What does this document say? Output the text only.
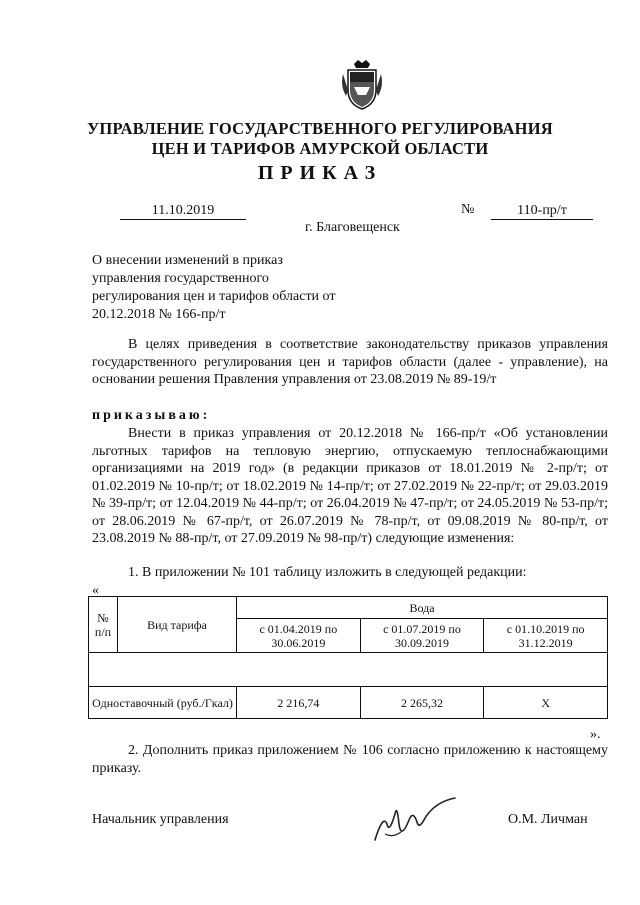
УПРАВЛЕНИЕ ГОСУДАРСТВЕННОГО РЕГУЛИРОВАНИЯ
ЦЕН И ТАРИФОВ АМУРСКОЙ ОБЛАСТИ
ПРИКАЗ
11.10.2019	№	110-пр/т
г. Благовещенск
О внесении изменений в приказ управления государственного регулирования цен и тарифов области от 20.12.2018 № 166-пр/т
В целях приведения в соответствие законодательству приказов управления государственного регулирования цен и тарифов области (далее - управление), на основании решения Правления управления от 23.08.2019 № 89-19/т
приказываю:
Внести в приказ управления от 20.12.2018 № 166-пр/т «Об установлении льготных тарифов на тепловую энергию, отпускаемую теплоснабжающими организациями на 2019 год» (в редакции приказов от 18.01.2019 № 2-пр/т; от 01.02.2019 № 10-пр/т; от 18.02.2019 № 14-пр/т; от 27.02.2019 № 22-пр/т; от 29.03.2019 № 39-пр/т; от 12.04.2019 № 44-пр/т; от 26.04.2019 № 47-пр/т; от 24.05.2019 № 53-пр/т; от 28.06.2019 № 67-пр/т, от 26.07.2019 № 78-пр/т, от 09.08.2019 № 80-пр/т, от 23.08.2019 № 88-пр/т, от 27.09.2019 № 98-пр/т) следующие изменения:
1. В приложении № 101 таблицу изложить в следующей редакции:
«
№ п/п	Вид тарифа	Вода		
		с 01.04.2019 по 30.06.2019	с 01.07.2019 по 30.09.2019	с 01.10.2019 по 31.12.2019

Одноставочный (руб./Гкал)		2 216,74	2 265,32	Х
».
2. Дополнить приказ приложением № 106 согласно приложению к настоящему приказу.
Начальник управления	О.М. Личман
